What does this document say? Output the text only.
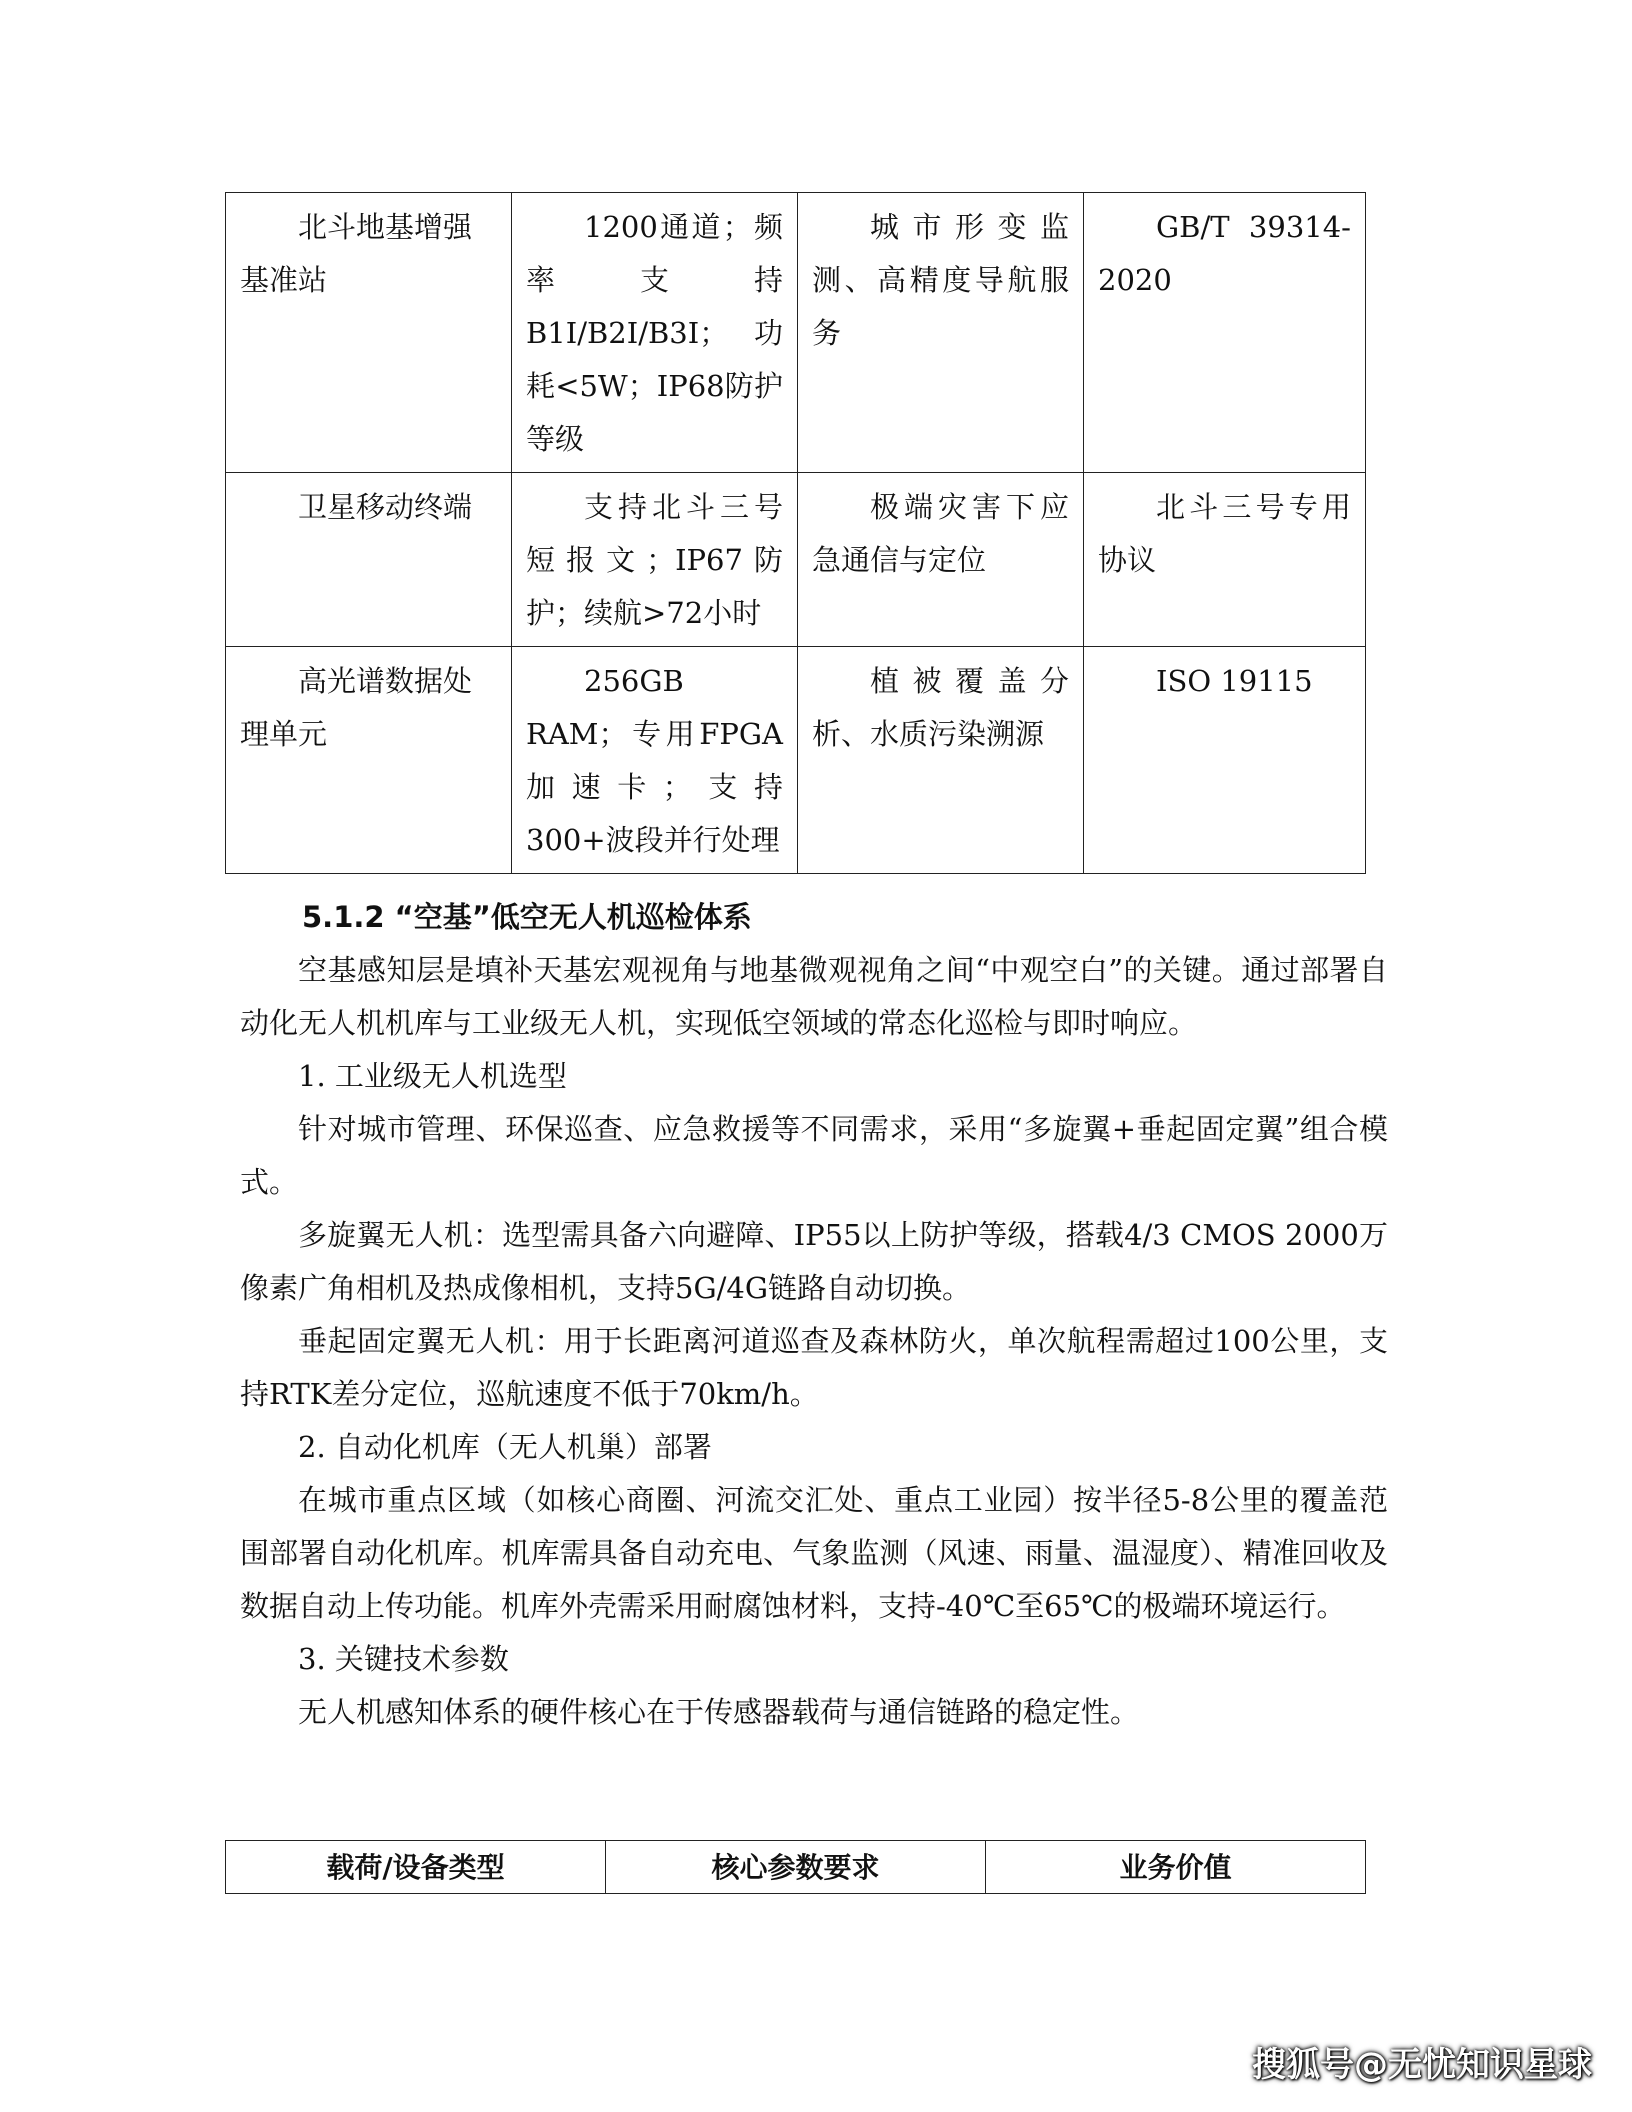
北斗地基增强基准站	1200通道；频率支持B1I/B2I/B3I；功耗<5W；IP68防护等级	城市形变监测、高精度导航服务	GB/T 39314-2020
卫星移动终端	支持北斗三号短报文；IP67防护；续航>72小时	极端灾害下应急通信与定位	北斗三号专用协议
高光谱数据处理单元	256GB RAM；专用FPGA加速卡；支持300+波段并行处理	植被覆盖分析、水质污染溯源	ISO 19115
5.1.2 “空基”低空无人机巡检体系

空基感知层是填补天基宏观视角与地基微观视角之间“中观空白”的关键。通过部署自动化无人机机库与工业级无人机，实现低空领域的常态化巡检与即时响应。

1. 工业级无人机选型

针对城市管理、环保巡查、应急救援等不同需求，采用“多旋翼+垂起固定翼”组合模式。

多旋翼无人机：选型需具备六向避障、IP55以上防护等级，搭载4/3 CMOS 2000万像素广角相机及热成像相机，支持5G/4G链路自动切换。

垂起固定翼无人机：用于长距离河道巡查及森林防火，单次航程需超过100公里，支持RTK差分定位，巡航速度不低于70km/h。

2. 自动化机库（无人机巢）部署

在城市重点区域（如核心商圈、河流交汇处、重点工业园）按半径5-8公里的覆盖范围部署自动化机库。机库需具备自动充电、气象监测（风速、雨量、温湿度）、精准回收及数据自动上传功能。机库外壳需采用耐腐蚀材料，支持-40℃至65℃的极端环境运行。

3. 关键技术参数

无人机感知体系的硬件核心在于传感器载荷与通信链路的稳定性。

载荷/设备类型	核心参数要求	业务价值
搜狐号@无忧知识星球
